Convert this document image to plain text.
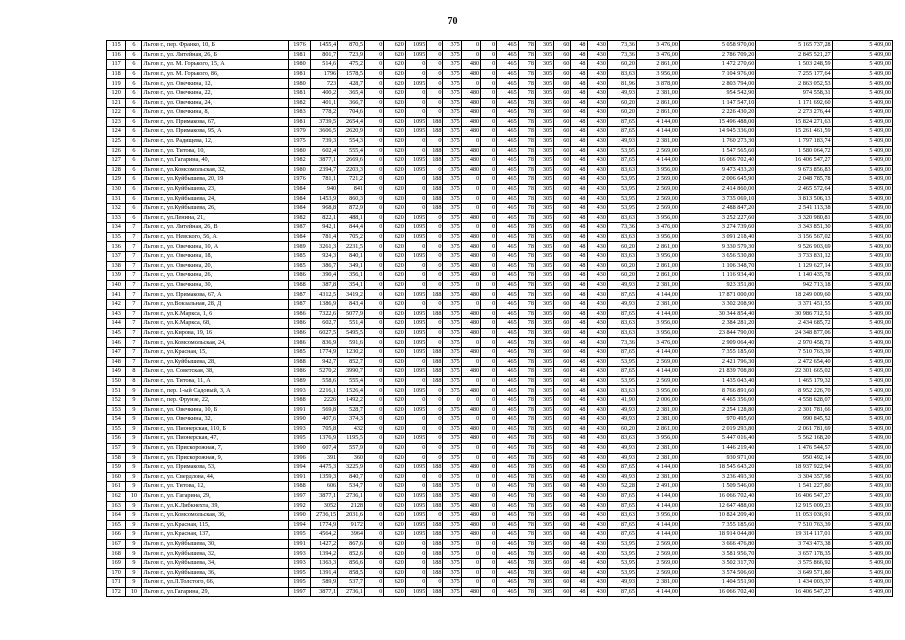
70
115	6	Льгов г., пер. Франко, 10, Б	1976	1455,4	870,5	0	620	1095	0	375	0	0	465	78	305	60	48	430	73,36	3 476,00	5 058 970,00	5 165 737,28	5 409,00
116	6	Льгов г., ул. Литейная, 26, Б	1981	801,7	723,9	0	620	1095	0	375	0	0	465	78	305	60	48	430	73,36	3 476,00	2 786 709,20	2 845 521,27	5 409,00
117	6	Льгов г., ул. М. Горького, 15, А	1980	514,6	475,2	0	620	0	0	375	480	0	465	78	305	60	48	430	60,20	2 861,00	1 472 270,60	1 503 248,59	5 409,00
118	6	Льгов г., ул. М. Горького, 86,	1981	1796	1578,5	0	620	0	0	375	480	0	465	78	305	60	48	430	83,63	3 956,00	7 104 976,00	7 255 177,64	5 409,00
119	6	Льгов г., ул. Овечкина, 12,	1980	723	428,7	0	620	1095	0	375	0	0	465	78	305	60	48	430	81,96	3 878,00	2 803 794,00	2 863 052,53	5 409,00
120	6	Льгов г., ул. Овечкина, 22,	1981	400,2	365,4	0	620	0	0	375	480	0	465	78	305	60	48	430	49,93	2 381,00	954 542,90	974 558,31	5 409,00
121	6	Льгов г., ул. Овечкина, 24,	1982	401,1	366,7	0	620	0	0	375	480	0	465	78	305	60	48	430	60,20	2 861,00	1 147 547,10	1 171 692,60	5 409,00
122	6	Льгов г., ул. Овечкина, 8,	1983	778,2	704,6	0	620	0	0	375	480	0	465	78	305	60	48	430	60,20	2 861,00	2 226 430,20	2 273 276,44	5 409,00
123	6	Льгов г., ул. Примакова, 67,	1981	3739,5	2654,4	0	620	1095	188	375	480	0	465	78	305	60	48	430	87,65	4 144,00	15 496 488,00	15 824 271,63	5 409,00
124	6	Льгов г., ул. Примакова, 95, А	1979	3606,5	2620,9	0	620	1095	188	375	480	0	465	78	305	60	48	430	87,65	4 144,00	14 945 336,00	15 261 461,59	5 409,00
125	6	Льгов г., ул. Радищева, 12,	1975	739,3	554,3	0	620	0	0	375	0	0	465	78	305	60	48	430	49,93	2 381,00	1 760 273,30	1 797 183,74	5 409,00
126	6	Льгов г., ул. Титова, 10,	1980	602,4	555,4	0	620	0	188	375	480	0	465	78	305	60	48	430	53,95	2 569,00	1 547 565,60	1 580 064,72	5 409,00
127	6	Льгов г., ул.Гагарина, 40,	1982	3877,1	2669,6	0	620	1095	188	375	480	0	465	78	305	60	48	430	87,65	4 144,00	16 066 702,40	16 406 547,27	5 409,00
128	6	Льгов г., ул.Комсомольская, 32,	1980	2394,7	2203,3	0	620	1095	0	375	480	0	465	78	305	60	48	430	83,63	3 956,00	9 473 433,20	9 673 856,83	5 409,00
129	6	Льгов г., ул.Куйбышева, 20, 19	1976	781,1	721,2	0	620	0	188	375	0	0	465	78	305	60	48	430	53,95	2 569,00	2 006 645,90	2 048 785,78	5 409,00
130	6	Льгов г., ул.Куйбышева, 23,	1984	940	841	0	620	0	188	375	0	0	465	78	305	60	48	430	53,95	2 569,00	2 414 860,00	2 465 572,64	5 409,00
131	6	Льгов г., ул.Куйбышева, 24,	1984	1453,9	860,3	0	620	0	188	375	0	0	465	78	305	60	48	430	53,95	2 569,00	3 735 069,10	3 813 506,13	5 409,00
132	6	Льгов г., ул.Куйбышева, 26,	1984	968,8	872,9	0	620	0	188	375	0	0	465	78	305	60	48	430	53,95	2 569,00	2 488 847,20	2 541 113,38	5 409,00
133	6	Льгов г., ул.Ленина, 21,	1982	822,1	488,1	0	620	1095	0	375	480	0	465	78	305	60	48	430	83,63	3 956,00	3 252 227,60	3 320 980,81	5 409,00
134	7	Льгов г., ул. Литейная, 26, В	1987	942,1	844,4	0	620	1095	0	375	0	0	465	78	305	60	48	430	73,36	3 476,00	3 274 739,60	3 343 851,30	5 409,00
135	7	Льгов г., ул. Невского, 56, А	1984	781,4	705,2	0	620	1095	0	375	480	0	465	78	305	60	48	430	83,63	3 956,00	3 091 218,40	3 156 567,02	5 409,00
136	7	Льгов г., ул. Овечкина, 10, А	1989	3261,3	2231,5	0	620	0	0	375	480	0	465	78	305	60	48	430	60,20	2 861,00	9 330 579,30	9 526 903,69	5 409,00
137	7	Льгов г., ул. Овечкина, 18,	1985	924,3	840,1	0	620	1095	0	375	480	0	465	78	305	60	48	430	83,63	3 956,00	3 656 530,80	3 733 831,12	5 409,00
138	7	Льгов г., ул. Овечкина, 20,	1985	386,7	349,1	0	620	0	0	375	480	0	465	78	305	60	48	430	60,20	2 861,00	1 106 348,70	1 129 627,14	5 409,00
139	7	Льгов г., ул. Овечкина, 26,	1986	390,4	356,1	0	620	0	0	375	480	0	465	78	305	60	48	430	60,20	2 861,00	1 116 934,40	1 140 435,78	5 409,00
140	7	Льгов г., ул. Овечкина, 30,	1988	387,8	354,1	0	620	0	0	375	0	0	465	78	305	60	48	430	49,93	2 381,00	923 351,80	942 713,18	5 409,00
141	7	Льгов г., ул. Примакова, 67, А	1987	4312,5	3419,2	0	620	1095	188	375	480	0	465	78	305	60	48	430	87,65	4 144,00	17 871 000,00	18 249 009,60	5 409,00
142	7	Льгов г., ул.Вокзальная, 28, Д	1987	1386,9	843,4	0	620	0	0	375	0	0	465	78	305	60	48	430	49,93	2 381,00	3 302 208,90	3 371 451,55	5 409,00
143	7	Льгов г., ул.К.Маркса, 1, 6	1986	7322,6	5077,9	0	620	1095	188	375	480	0	465	78	305	60	48	430	87,65	4 144,00	30 344 854,40	30 986 712,51	5 409,00
144	7	Льгов г., ул.К.Маркса, 68,	1986	602,7	551,4	0	620	1095	0	375	480	0	465	78	305	60	48	430	83,63	3 956,00	2 384 281,20	2 434 685,72	5 409,00
145	7	Льгов г., ул.Кирова, 19, 16	1986	6027,5	5495,5	0	620	1095	0	375	480	0	465	78	305	60	48	430	83,63	3 956,00	23 844 790,00	24 348 877,06	5 409,00
146	7	Льгов г., ул.Комсомольская, 24,	1986	836,9	591,6	0	620	1095	0	375	0	0	465	78	305	60	48	430	73,36	3 476,00	2 909 064,40	2 970 458,71	5 409,00
147	7	Льгов г., ул.Красная, 15,	1985	1774,9	1230,2	0	620	1095	188	375	480	0	465	78	305	60	48	430	87,65	4 144,00	7 355 185,60	7 510 763,39	5 409,00
148	7	Льгов г., ул.Куйбышева, 28,	1988	942,7	852,7	0	620	0	188	375	0	0	465	78	305	60	48	430	53,95	2 569,00	2 421 796,30	2 472 654,40	5 409,00
149	8	Льгов г., ул. Советская, 38,	1986	5270,2	3990,7	0	620	1095	188	375	480	0	465	78	305	60	48	430	87,65	4 144,00	21 839 708,80	22 301 665,02	5 409,00
150	8	Льгов г., ул. Титова, 11, А	1989	558,6	555,4	0	620	0	188	375	0	0	465	78	305	60	48	430	53,95	2 569,00	1 435 043,40	1 465 179,32	5 409,00
151	9	Льгов г., пер. 1-ый Садовый, 3, А	1993	2216,1	1526,4	0	620	1095	0	375	480	0	465	78	305	60	48	430	83,63	3 956,00	8 766 891,60	8 952 226,70	5 409,00
152	9	Льгов г., пер. Фрунзе, 22,	1988	2226	1492,2	0	620	0	0	0	0	0	465	78	305	60	48	430	41,90	2 006,00	4 465 356,00	4 558 628,07	5 409,00
153	9	Льгов г., ул. Овечкина, 10, Б	1991	569,8	528,7	0	620	1095	0	375	480	0	465	78	305	60	48	430	49,93	2 381,00	2 254 128,80	2 301 781,66	5 409,00
154	9	Льгов г., ул. Овечкина, 32,	1990	407,6	374,3	0	620	0	0	375	0	0	465	78	305	60	48	430	49,93	2 381,00	970 495,60	990 845,52	5 409,00
155	9	Льгов г., ул. Пионерская, 110, Б	1993	705,8	432	0	620	0	0	375	480	0	465	78	305	60	48	430	60,20	2 861,00	2 019 293,80	2 061 781,69	5 409,00
156	9	Льгов г., ул. Пионерская, 47,	1995	1376,9	1195,5	0	620	1095	0	375	480	0	465	78	305	60	48	430	83,63	3 956,00	5 447 016,40	5 562 168,20	5 409,00
157	9	Льгов г., ул. Прискорожная, 7,	1990	607,4	557,9	0	620	0	0	375	0	0	465	78	305	60	48	430	49,93	2 381,00	1 446 219,40	1 476 544,57	5 409,00
158	9	Льгов г., ул. Прискорожная, 9,	1996	391	360	0	620	0	0	375	0	0	465	78	305	60	48	430	49,93	2 381,00	930 971,00	950 492,14	5 409,00
159	9	Льгов г., ул. Примакова, 53,	1994	4475,3	3225,9	0	620	1095	188	375	480	0	465	78	305	60	48	430	87,65	4 144,00	18 545 643,20	18 937 922,94	5 409,00
160	9	Льгов г., ул. Свердлова, 44,	1991	1359,3	840,7	0	620	0	0	375	0	0	465	78	305	60	48	430	49,93	2 381,00	3 236 493,30	3 304 357,98	5 409,00
161	9	Льгов г., ул. Титова, 12,	1988	606	534,7	0	620	0	188	375	0	0	465	78	305	60	48	430	52,28	2 491,00	1 509 546,00	1 541 227,80	5 409,00
162	10	Льгов г., ул. Гагарина, 29,	1997	3877,1	2736,1	0	620	1095	188	375	480	0	465	78	305	60	48	430	87,65	4 144,00	16 066 702,40	16 406 547,27	5 409,00
163	9	Льгов г., ул.К.Либкнехта, 39,	1992	3052	2128	0	620	1095	188	375	480	0	465	78	305	60	48	430	87,65	4 144,00	12 647 488,00	12 915 009,23	5 409,00
164	9	Льгов г., ул.Комсомольская, 36,	1990	2736,15	2031,6	0	620	1095	0	375	480	0	465	78	305	60	48	430	83,63	3 956,00	10 824 209,40	11 053 036,91	5 409,00
165	9	Льгов г., ул.Красная, 115,	1994	1774,9	9172	0	620	1095	188	375	480	0	465	78	305	60	48	430	87,65	4 144,00	7 355 185,60	7 510 763,39	5 409,00
166	9	Льгов г., ул.Красная, 137,	1995	4564,2	3964	0	620	1095	188	375	480	0	465	78	305	60	48	430	87,65	4 144,00	18 914 044,80	19 314 117,01	5 409,00
167	9	Льгов г., ул.Куйбышева, 30,	1991	1427,2	867,6	0	620	0	188	375	0	0	465	78	305	60	48	430	53,95	2 569,00	3 666 476,80	3 743 473,38	5 409,00
168	9	Льгов г., ул.Куйбышева, 32,	1993	1394,2	852,6	0	620	0	188	375	0	0	465	78	305	60	48	430	53,95	2 569,00	3 581 956,70	3 657 178,35	5 409,00
169	9	Льгов г., ул.Куйбышева, 34,	1993	1363,3	856,6	0	620	0	188	375	0	0	465	78	305	60	48	430	53,95	2 569,00	3 502 317,70	3 575 866,92	5 409,00
170	9	Льгов г., ул.Куйбышева, 36,	1995	1391,4	858,5	0	620	0	188	375	0	0	465	78	305	60	48	430	53,95	2 569,00	3 574 506,60	3 649 571,80	5 409,00
171	9	Льгов г., ул.Л.Толстого, 66,	1995	589,9	537,7	0	620	0	0	375	0	0	465	78	305	60	48	430	49,93	2 381,00	1 404 551,90	1 434 003,37	5 409,00
172	10	Льгов г., ул.Гагарина, 29,	1997	3877,1	2736,1	0	620	1095	188	375	480	0	465	78	305	60	48	430	87,65	4 144,00	16 066 702,40	16 406 547,27	5 409,00
